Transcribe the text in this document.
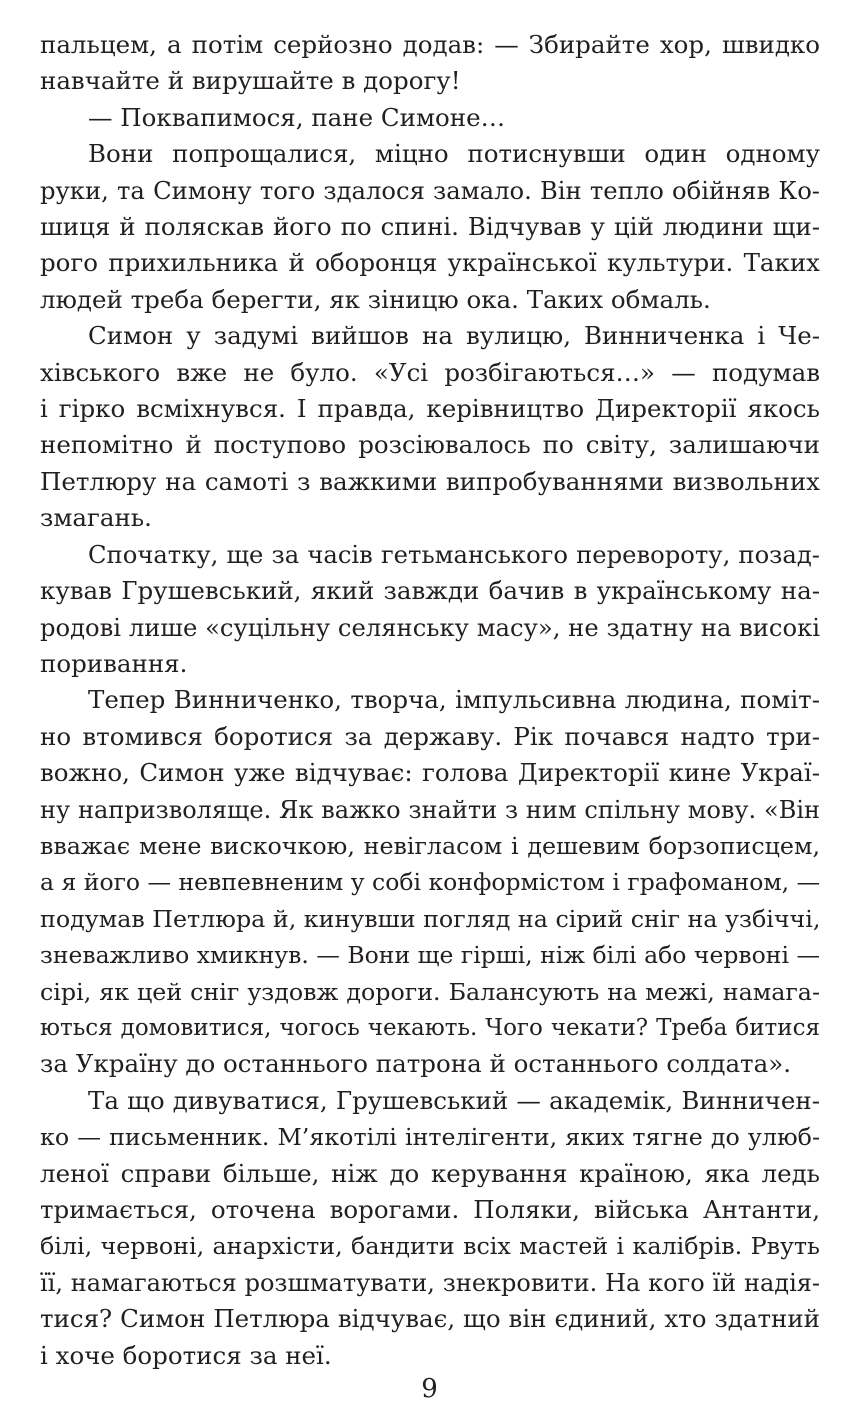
пальцем, а потім серйозно додав: — Збирайте хор, швидко
навчайте й вирушайте в дорогу!
— Поквапимося, пане Симоне…
Вони попрощалися, міцно потиснувши один одному
руки, та Симону того здалося замало. Він тепло обійняв Ко-
шиця й поляскав його по спині. Відчував у цій людини щи-
рого прихильника й оборонця української культури. Таких
людей треба берегти, як зіницю ока. Таких обмаль.
Симон у задумі вийшов на вулицю, Винниченка і Че-
хівського вже не було. «Усі розбігаються…» — подумав
і гірко всміхнувся. І правда, керівництво Директорії якось
непомітно й поступово розсіювалось по світу, залишаючи
Петлюру на самоті з важкими випробуваннями визвольних
змагань.
Спочатку, ще за часів гетьманського перевороту, позад-
кував Грушевський, який завжди бачив в українському на-
родові лише «суцільну селянську масу», не здатну на високі
поривання.
Тепер Винниченко, творча, імпульсивна людина, поміт-
но втомився боротися за державу. Рік почався надто три-
вожно, Симон уже відчуває: голова Директорії кине Украї-
ну напризволяще. Як важко знайти з ним спільну мову. «Він
вважає мене вискочкою, невігласом і дешевим борзописцем,
а я його — невпевненим у собі конформістом і графоманом, —
подумав Петлюра й, кинувши погляд на сірий сніг на узбіччі,
зневажливо хмикнув. — Вони ще гірші, ніж білі або червоні —
сірі, як цей сніг уздовж дороги. Балансують на межі, намага-
ються домовитися, чогось чекають. Чого чекати? Треба битися
за Україну до останнього патрона й останнього солдата».
Та що дивуватися, Грушевський — академік, Винничен-
ко — письменник. М’якотілі інтелігенти, яких тягне до улюб-
леної справи більше, ніж до керування країною, яка ледь
тримається, оточена ворогами. Поляки, війська Антанти,
білі, червоні, анархісти, бандити всіх мастей і калібрів. Рвуть
її, намагаються розшматувати, знекровити. На кого їй надія-
тися? Симон Петлюра відчуває, що він єдиний, хто здатний
і хоче боротися за неї.
9
